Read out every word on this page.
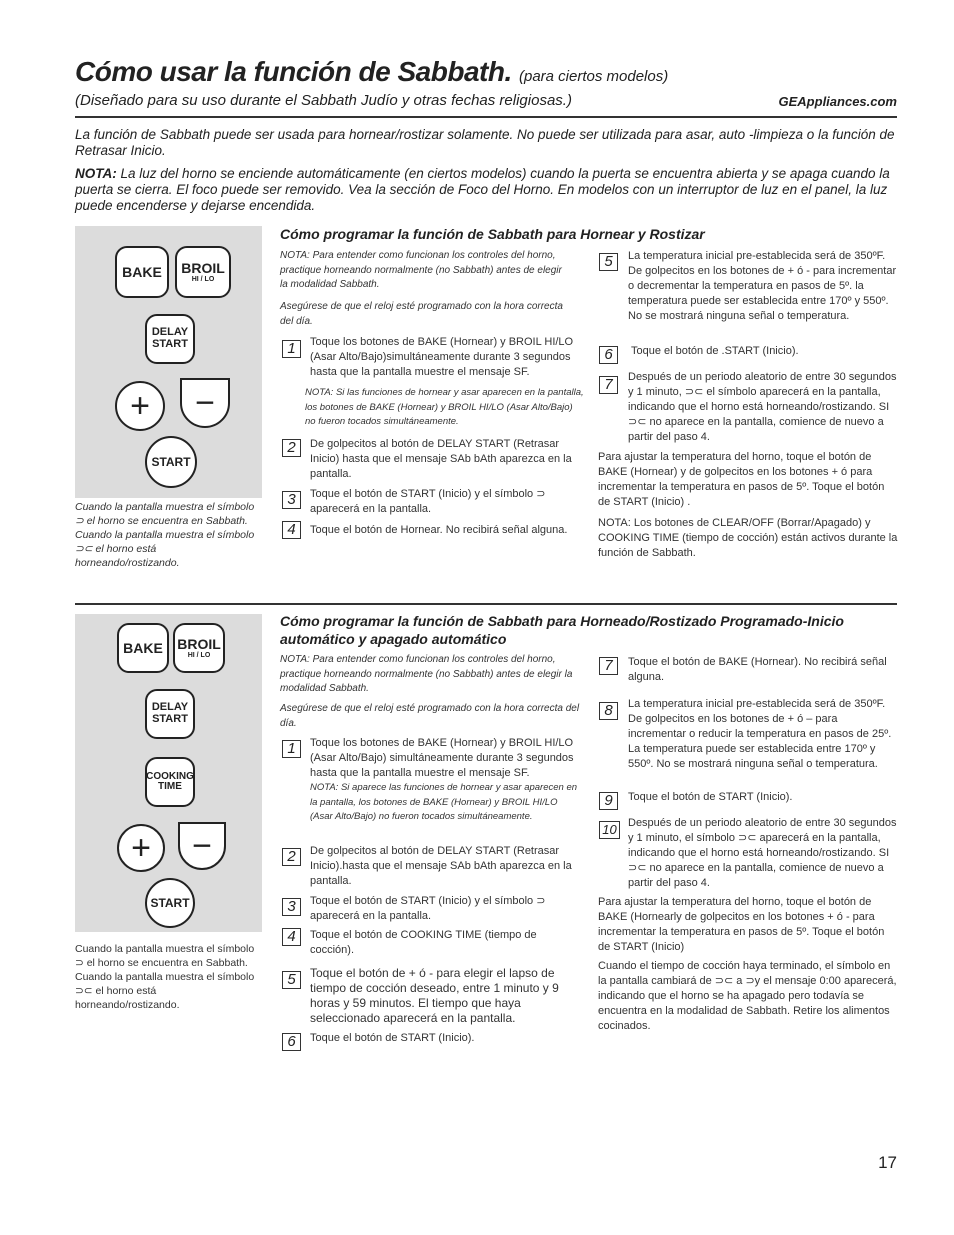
Cómo usar la función de Sabbath. (para ciertos modelos)
(Diseñado para su uso durante el Sabbath Judío y otras fechas religiosas.)	GEAppliances.com
La función de Sabbath puede ser usada para hornear/rostizar solamente. No puede ser utilizada para asar, auto -limpieza o la función de Retrasar Inicio.
NOTA: La luz del horno se enciende automáticamente (en ciertos modelos) cuando la puerta se encuentra abierta y se apaga cuando la puerta se cierra. El foco puede ser removido. Vea la sección de Foco del Horno. En modelos con un interruptor de luz en el panel, la luz puede encenderse y dejarse encendida.
BAKE BROIL
HI / LO
DELAY
START
+ −
START
Cuando la pantalla muestra el símbolo ⊃ el horno se encuentra en Sabbath. Cuando la pantalla muestra el símbolo ⊃⊂ el horno está horneando/rostizando.
Cómo programar la función de Sabbath para Hornear y Rostizar
NOTA: Para entender como funcionan los controles del horno, practique horneando normalmente (no Sabbath) antes de elegir la modalidad Sabbath.
Asegúrese de que el reloj esté programado con la hora correcta del día.
1	Toque los botones de BAKE (Hornear) y BROIL HI/LO (Asar Alto/Bajo)simultáneamente durante 3 segundos hasta que la pantalla muestre el mensaje SF.
NOTA: Si las funciones de hornear y asar aparecen en la pantalla, los botones de BAKE (Hornear) y BROIL HI/LO (Asar Alto/Bajo) no fueron tocados simultáneamente.
2	De golpecitos al botón de DELAY START (Retrasar Inicio) hasta que el mensaje SAb bAth aparezca en la pantalla.
3	Toque el botón de START (Inicio) y el símbolo ⊃ aparecerá en la pantalla.
4	Toque el botón de Hornear. No recibirá señal alguna.
5	La temperatura inicial pre-establecida será de 350ºF. De golpecitos en los botones de + ó - para incrementar o decrementar la temperatura en pasos de 5º. la temperatura puede ser establecida entre 170º y 550º. No se mostrará ninguna señal o temperatura.
6	Toque el botón de .START (Inicio).
7	Después de un periodo aleatorio de entre 30 segundos y 1 minuto, ⊃⊂ el símbolo aparecerá en la pantalla, indicando que el horno está horneando/rostizando. SI ⊃⊂ no aparece en la pantalla, comience de nuevo a partir del paso 4.
Para ajustar la temperatura del horno, toque el botón de BAKE (Hornear) y de golpecitos en los botones + ó para incrementar la temperatura en pasos de 5º. Toque el botón de START (Inicio) .
NOTA: Los botones de CLEAR/OFF (Borrar/Apagado) y COOKING TIME (tiempo de cocción) están activos durante la función de Sabbath.
BAKE BROIL
HI / LO
DELAY
START
COOKING
TIME
+ −
START
Cuando la pantalla muestra el símbolo ⊃ el horno se encuentra en Sabbath. Cuando la pantalla muestra el símbolo ⊃⊂ el horno está horneando/rostizando.
Cómo programar la función de Sabbath para Horneado/Rostizado Programado-Inicio automático y apagado automático
NOTA: Para entender como funcionan los controles del horno, practique horneando normalmente (no Sabbath) antes de elegir la modalidad Sabbath.
Asegúrese de que el reloj esté programado con la hora correcta del día.
1	Toque los botones de BAKE (Hornear) y BROIL HI/LO (Asar Alto/Bajo) simultáneamente durante 3 segundos hasta que la pantalla muestre el mensaje SF.
NOTA: Si aparece las funciones de hornear y asar aparecen en la pantalla, los botones de BAKE (Hornear) y BROIL HI/LO (Asar Alto/Bajo) no fueron tocados simultáneamente.
2	De golpecitos al botón de DELAY START (Retrasar Inicio).hasta que el mensaje SAb bAth aparezca en la pantalla.
3	Toque el botón de START (Inicio) y el símbolo ⊃ aparecerá en la pantalla.
4	Toque el botón de COOKING TIME (tiempo de cocción).
5	Toque el botón de + ó - para elegir el lapso de tiempo de cocción deseado, entre 1 minuto y 9 horas y 59 minutos. El tiempo que haya seleccionado aparecerá en la pantalla.
6	Toque el botón de START (Inicio).
7	Toque el botón de BAKE (Hornear). No recibirá señal alguna.
8	La temperatura inicial pre-establecida será de 350ºF. De golpecitos en los botones de + ó – para incrementar o reducir la temperatura en pasos de 25º. La temperatura puede ser establecida entre 170º y 550º. No se mostrará ninguna señal o temperatura.
9	Toque el botón de START (Inicio).
10 Después de un periodo aleatorio de entre 30 segundos y 1 minuto, el símbolo ⊃⊂ aparecerá en la pantalla, indicando que el horno está horneando/rostizando. SI ⊃⊂ no aparece en la pantalla, comience de nuevo a partir del paso 4.
Para ajustar la temperatura del horno, toque el botón de BAKE (Hornearly de golpecitos en los botones + ó - para incrementar la temperatura en pasos de 5º. Toque el botón de START (Inicio)
Cuando el tiempo de cocción haya terminado, el símbolo en la pantalla cambiará de ⊃⊂ a ⊃y el mensaje 0:00 aparecerá, indicando que el horno se ha apagado pero todavía se encuentra en la modalidad de Sabbath. Retire los alimentos cocinados.
17
